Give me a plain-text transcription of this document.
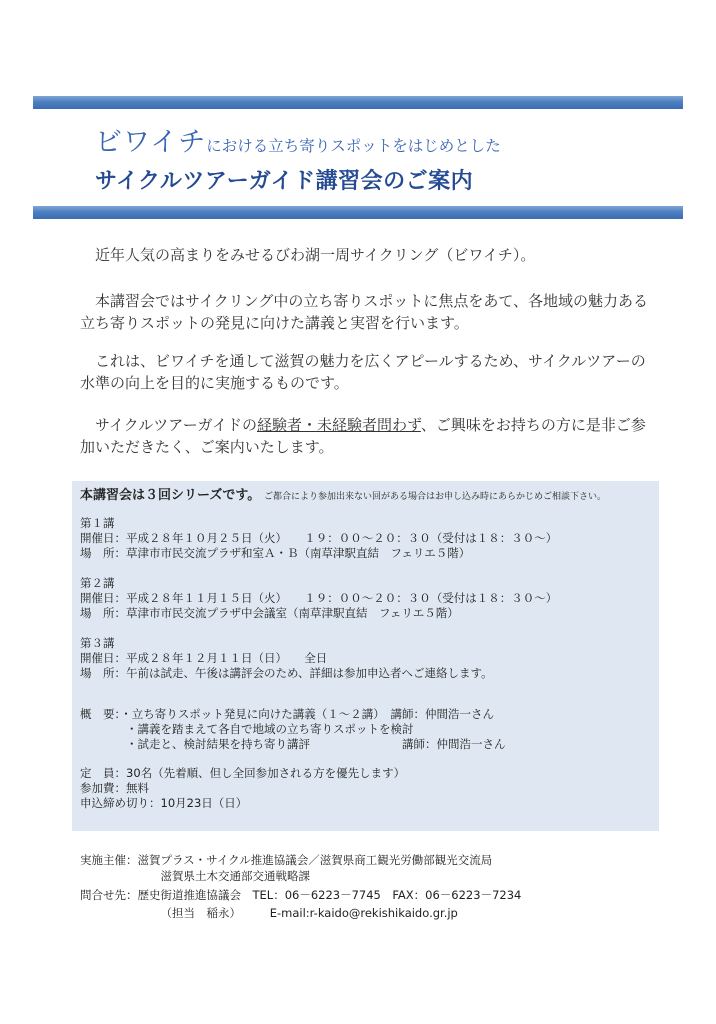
ビワイチにおける立ち寄りスポットをはじめとした
サイクルツアーガイド講習会のご案内

　近年人気の高まりをみせるびわ湖一周サイクリング（ビワイチ）。

　本講習会ではサイクリング中の立ち寄りスポットに焦点をあて、各地域の魅力ある立ち寄りスポットの発見に向けた講義と実習を行います。

　これは、ビワイチを通して滋賀の魅力を広くアピールするため、サイクルツアーの水準の向上を目的に実施するものです。

　サイクルツアーガイドの経験者・未経験者問わず、ご興味をお持ちの方に是非ご参加いただきたく、ご案内いたします。

本講習会は３回シリーズです。 ご都合により参加出来ない回がある場合はお申し込み時にあらかじめご相談下さい。
第１講
開催日：平成２８年１０月２５日（火）　　１９：００～２０：３０（受付は１８：３０～）
場　所：草津市市民交流プラザ和室Ａ・Ｂ（南草津駅直結　フェリエ５階）
第２講
開催日：平成２８年１１月１５日（火）　　１９：００～２０：３０（受付は１８：３０～）
場　所：草津市市民交流プラザ中会議室（南草津駅直結　フェリエ５階）
第３講
開催日：平成２８年１２月１１日（日）　　全日
場　所：午前は試走、午後は講評会のため、詳細は参加申込者へご連絡します。
概　要：・立ち寄りスポット発見に向けた講義（１～２講）　講師：仲間浩一さん
　　　　・講義を踏まえて各自で地域の立ち寄りスポットを検討
　　　　・試走と、検討結果を持ち寄り講評　　　　　　　　講師：仲間浩一さん
定　員：30名（先着順、但し全回参加される方を優先します）
参加費：無料
申込締め切り：10月23日（日）
実施主催：滋賀プラス・サイクル推進協議会／滋賀県商工観光労働部観光交流局
滋賀県土木交通部交通戦略課
問合せ先：歴史街道推進協議会　TEL：06－6223－7745　FAX：06－6223－7234
（担当　稲永）　　　E-mail:r-kaido@rekishikaido.gr.jp
